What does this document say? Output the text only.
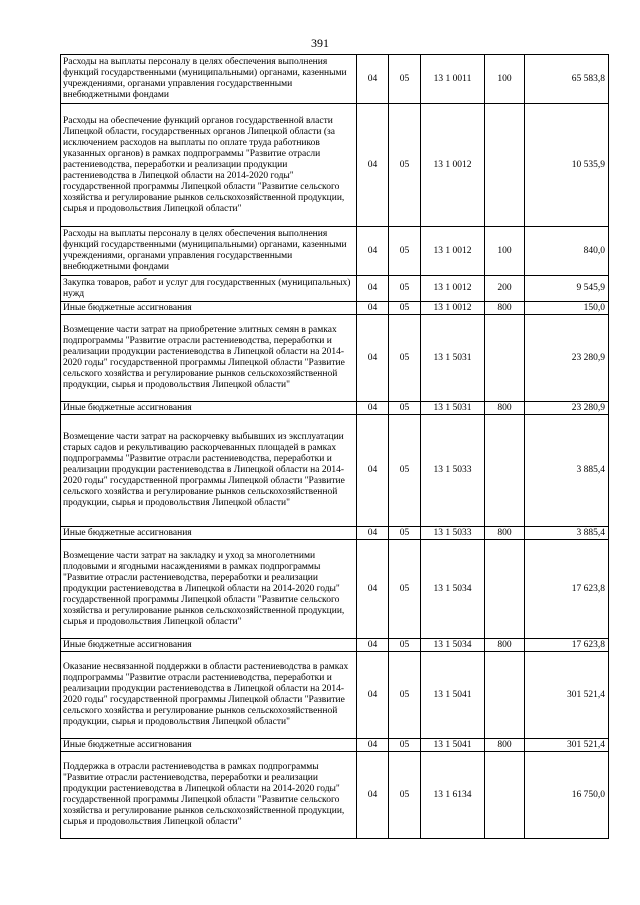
391
Расходы на выплаты персоналу в целях обеспечения выполнения функций государственными (муниципальными) органами, казенными учреждениями, органами управления государственными внебюджетными фондами	04	05	13 1 0011	100	65 583,8
Расходы на обеспечение функций органов государственной власти Липецкой области, государственных органов Липецкой области (за исключением расходов на выплаты по оплате труда работников указанных органов) в рамках подпрограммы "Развитие отрасли растениеводства, переработки и реализации продукции растениеводства в Липецкой области на 2014-2020 годы" государственной программы Липецкой области "Развитие сельского хозяйства и регулирование рынков сельскохозяйственной продукции, сырья и продовольствия Липецкой области"	04	05	13 1 0012		10 535,9
Расходы на выплаты персоналу в целях обеспечения выполнения функций государственными (муниципальными) органами, казенными учреждениями, органами управления государственными внебюджетными фондами	04	05	13 1 0012	100	840,0
Закупка товаров, работ и услуг для государственных (муниципальных) нужд	04	05	13 1 0012	200	9 545,9
Иные бюджетные ассигнования	04	05	13 1 0012	800	150,0
Возмещение части затрат на приобретение элитных семян в рамках подпрограммы "Развитие отрасли растениеводства, переработки и реализации продукции растениеводства в Липецкой области на 2014-2020 годы" государственной программы Липецкой области "Развитие сельского хозяйства и регулирование рынков сельскохозяйственной продукции, сырья и продовольствия Липецкой области"	04	05	13 1 5031		23 280,9
Иные бюджетные ассигнования	04	05	13 1 5031	800	23 280,9
Возмещение части затрат на раскорчевку выбывших из эксплуатации старых садов и рекультивацию раскорчеванных площадей в рамках подпрограммы "Развитие отрасли растениеводства, переработки и реализации продукции растениеводства в Липецкой области на 2014-2020 годы" государственной программы Липецкой области "Развитие сельского хозяйства и регулирование рынков сельскохозяйственной продукции, сырья и продовольствия Липецкой области"	04	05	13 1 5033		3 885,4
Иные бюджетные ассигнования	04	05	13 1 5033	800	3 885,4
Возмещение части затрат на закладку и уход за многолетними плодовыми и ягодными насаждениями в рамках подпрограммы "Развитие отрасли растениеводства, переработки и реализации продукции растениеводства в Липецкой области на 2014-2020 годы" государственной программы Липецкой области "Развитие сельского хозяйства и регулирование рынков сельскохозяйственной продукции, сырья и продовольствия Липецкой области"	04	05	13 1 5034		17 623,8
Иные бюджетные ассигнования	04	05	13 1 5034	800	17 623,8
Оказание несвязанной поддержки в области растениеводства в рамках подпрограммы "Развитие отрасли растениеводства, переработки и реализации продукции растениеводства в Липецкой области на 2014-2020 годы" государственной программы Липецкой области "Развитие сельского хозяйства и регулирование рынков сельскохозяйственной продукции, сырья и продовольствия Липецкой области"	04	05	13 1 5041		301 521,4
Иные бюджетные ассигнования	04	05	13 1 5041	800	301 521,4
Поддержка в отрасли растениеводства в рамках подпрограммы "Развитие отрасли растениеводства, переработки и реализации продукции растениеводства в Липецкой области на 2014-2020 годы" государственной программы Липецкой области "Развитие сельского хозяйства и регулирование рынков сельскохозяйственной продукции, сырья и продовольствия Липецкой области"	04	05	13 1 6134		16 750,0
